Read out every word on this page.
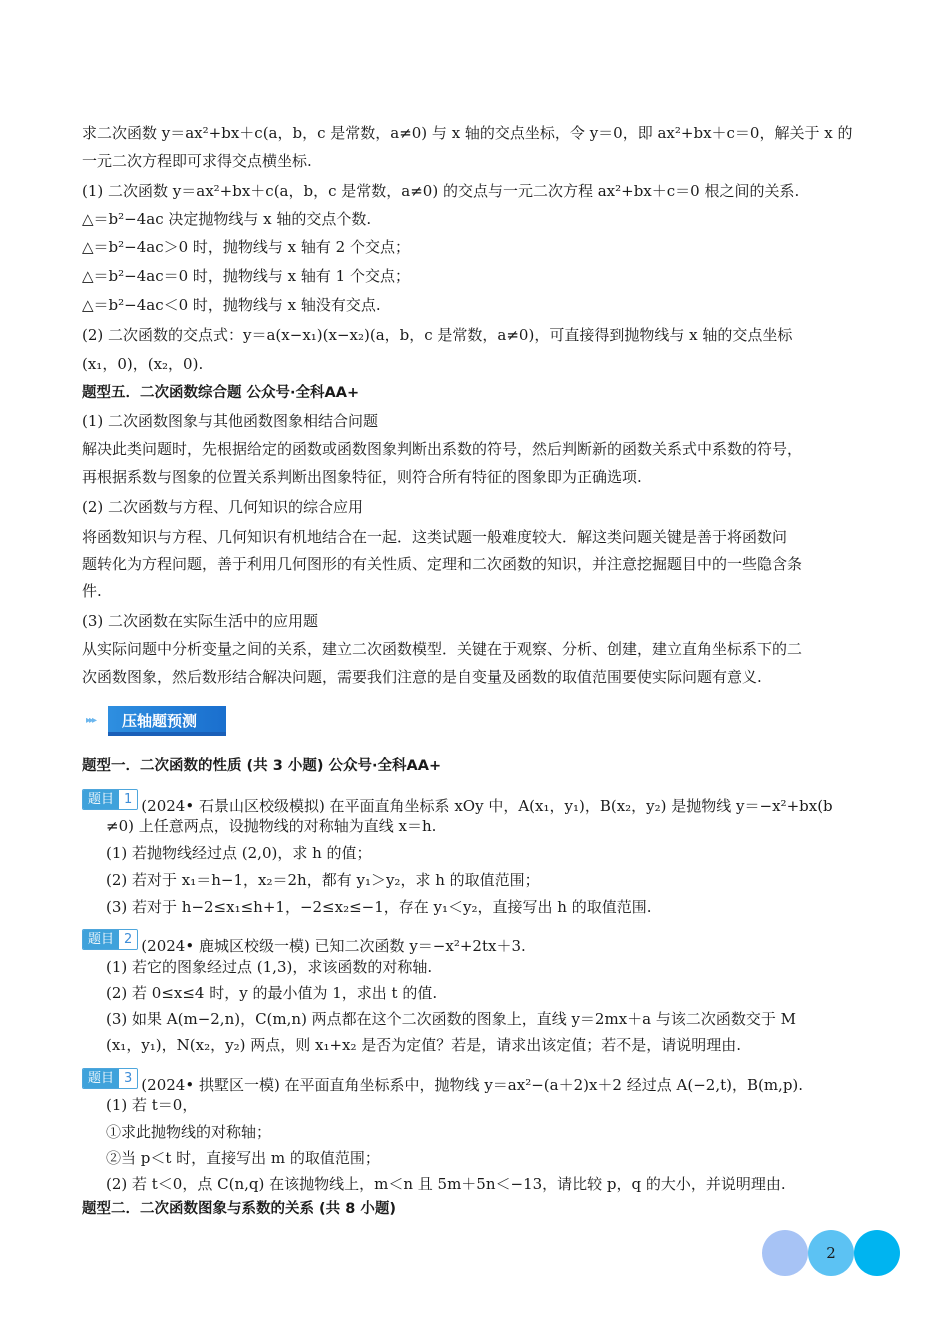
求二次函数 y＝ax²+bx＋c(a，b，c 是常数，a≠0) 与 x 轴的交点坐标，令 y＝0，即 ax²+bx＋c＝0，解关于 x 的
一元二次方程即可求得交点横坐标.
(1) 二次函数 y＝ax²+bx＋c(a，b，c 是常数，a≠0) 的交点与一元二次方程 ax²+bx＋c＝0 根之间的关系.
△＝b²−4ac 决定抛物线与 x 轴的交点个数.
△＝b²−4ac＞0 时，抛物线与 x 轴有 2 个交点；
△＝b²−4ac＝0 时，抛物线与 x 轴有 1 个交点；
△＝b²−4ac＜0 时，抛物线与 x 轴没有交点.
(2) 二次函数的交点式：y＝a(x−x₁)(x−x₂)(a，b，c 是常数，a≠0)，可直接得到抛物线与 x 轴的交点坐标
(x₁，0)，(x₂，0).
题型五．二次函数综合题 公众号·全科AA+
(1) 二次函数图象与其他函数图象相结合问题
解决此类问题时，先根据给定的函数或函数图象判断出系数的符号，然后判断新的函数关系式中系数的符号，
再根据系数与图象的位置关系判断出图象特征，则符合所有特征的图象即为正确选项.
(2) 二次函数与方程、几何知识的综合应用
将函数知识与方程、几何知识有机地结合在一起．这类试题一般难度较大．解这类问题关键是善于将函数问
题转化为方程问题，善于利用几何图形的有关性质、定理和二次函数的知识，并注意挖掘题目中的一些隐含条
件.
(3) 二次函数在实际生活中的应用题
从实际问题中分析变量之间的关系，建立二次函数模型．关键在于观察、分析、创建，建立直角坐标系下的二
次函数图象，然后数形结合解决问题，需要我们注意的是自变量及函数的取值范围要使实际问题有意义.
▸▸▸	压轴题预测
题型一．二次函数的性质 (共 3 小题) 公众号·全科AA+
题目 1 (2024• 石景山区校级模拟) 在平面直角坐标系 xOy 中，A(x₁，y₁)，B(x₂，y₂) 是抛物线 y＝−x²+bx(b
≠0) 上任意两点，设抛物线的对称轴为直线 x＝h.
(1) 若抛物线经过点 (2,0)，求 h 的值；
(2) 若对于 x₁＝h−1，x₂＝2h，都有 y₁＞y₂，求 h 的取值范围；
(3) 若对于 h−2≤x₁≤h+1，−2≤x₂≤−1，存在 y₁＜y₂，直接写出 h 的取值范围.
题目 2 (2024• 鹿城区校级一模) 已知二次函数 y＝−x²+2tx＋3.
(1) 若它的图象经过点 (1,3)，求该函数的对称轴.
(2) 若 0≤x≤4 时，y 的最小值为 1，求出 t 的值.
(3) 如果 A(m−2,n)，C(m,n) 两点都在这个二次函数的图象上，直线 y＝2mx＋a 与该二次函数交于 M
(x₁，y₁)，N(x₂，y₂) 两点，则 x₁+x₂ 是否为定值？若是，请求出该定值；若不是，请说明理由.
题目 3 (2024• 拱墅区一模) 在平面直角坐标系中，抛物线 y＝ax²−(a＋2)x＋2 经过点 A(−2,t)，B(m,p).
(1) 若 t＝0，
①求此抛物线的对称轴；
②当 p＜t 时，直接写出 m 的取值范围；
(2) 若 t＜0，点 C(n,q) 在该抛物线上，m＜n 且 5m＋5n＜−13，请比较 p，q 的大小，并说明理由.
题型二．二次函数图象与系数的关系 (共 8 小题)
2
